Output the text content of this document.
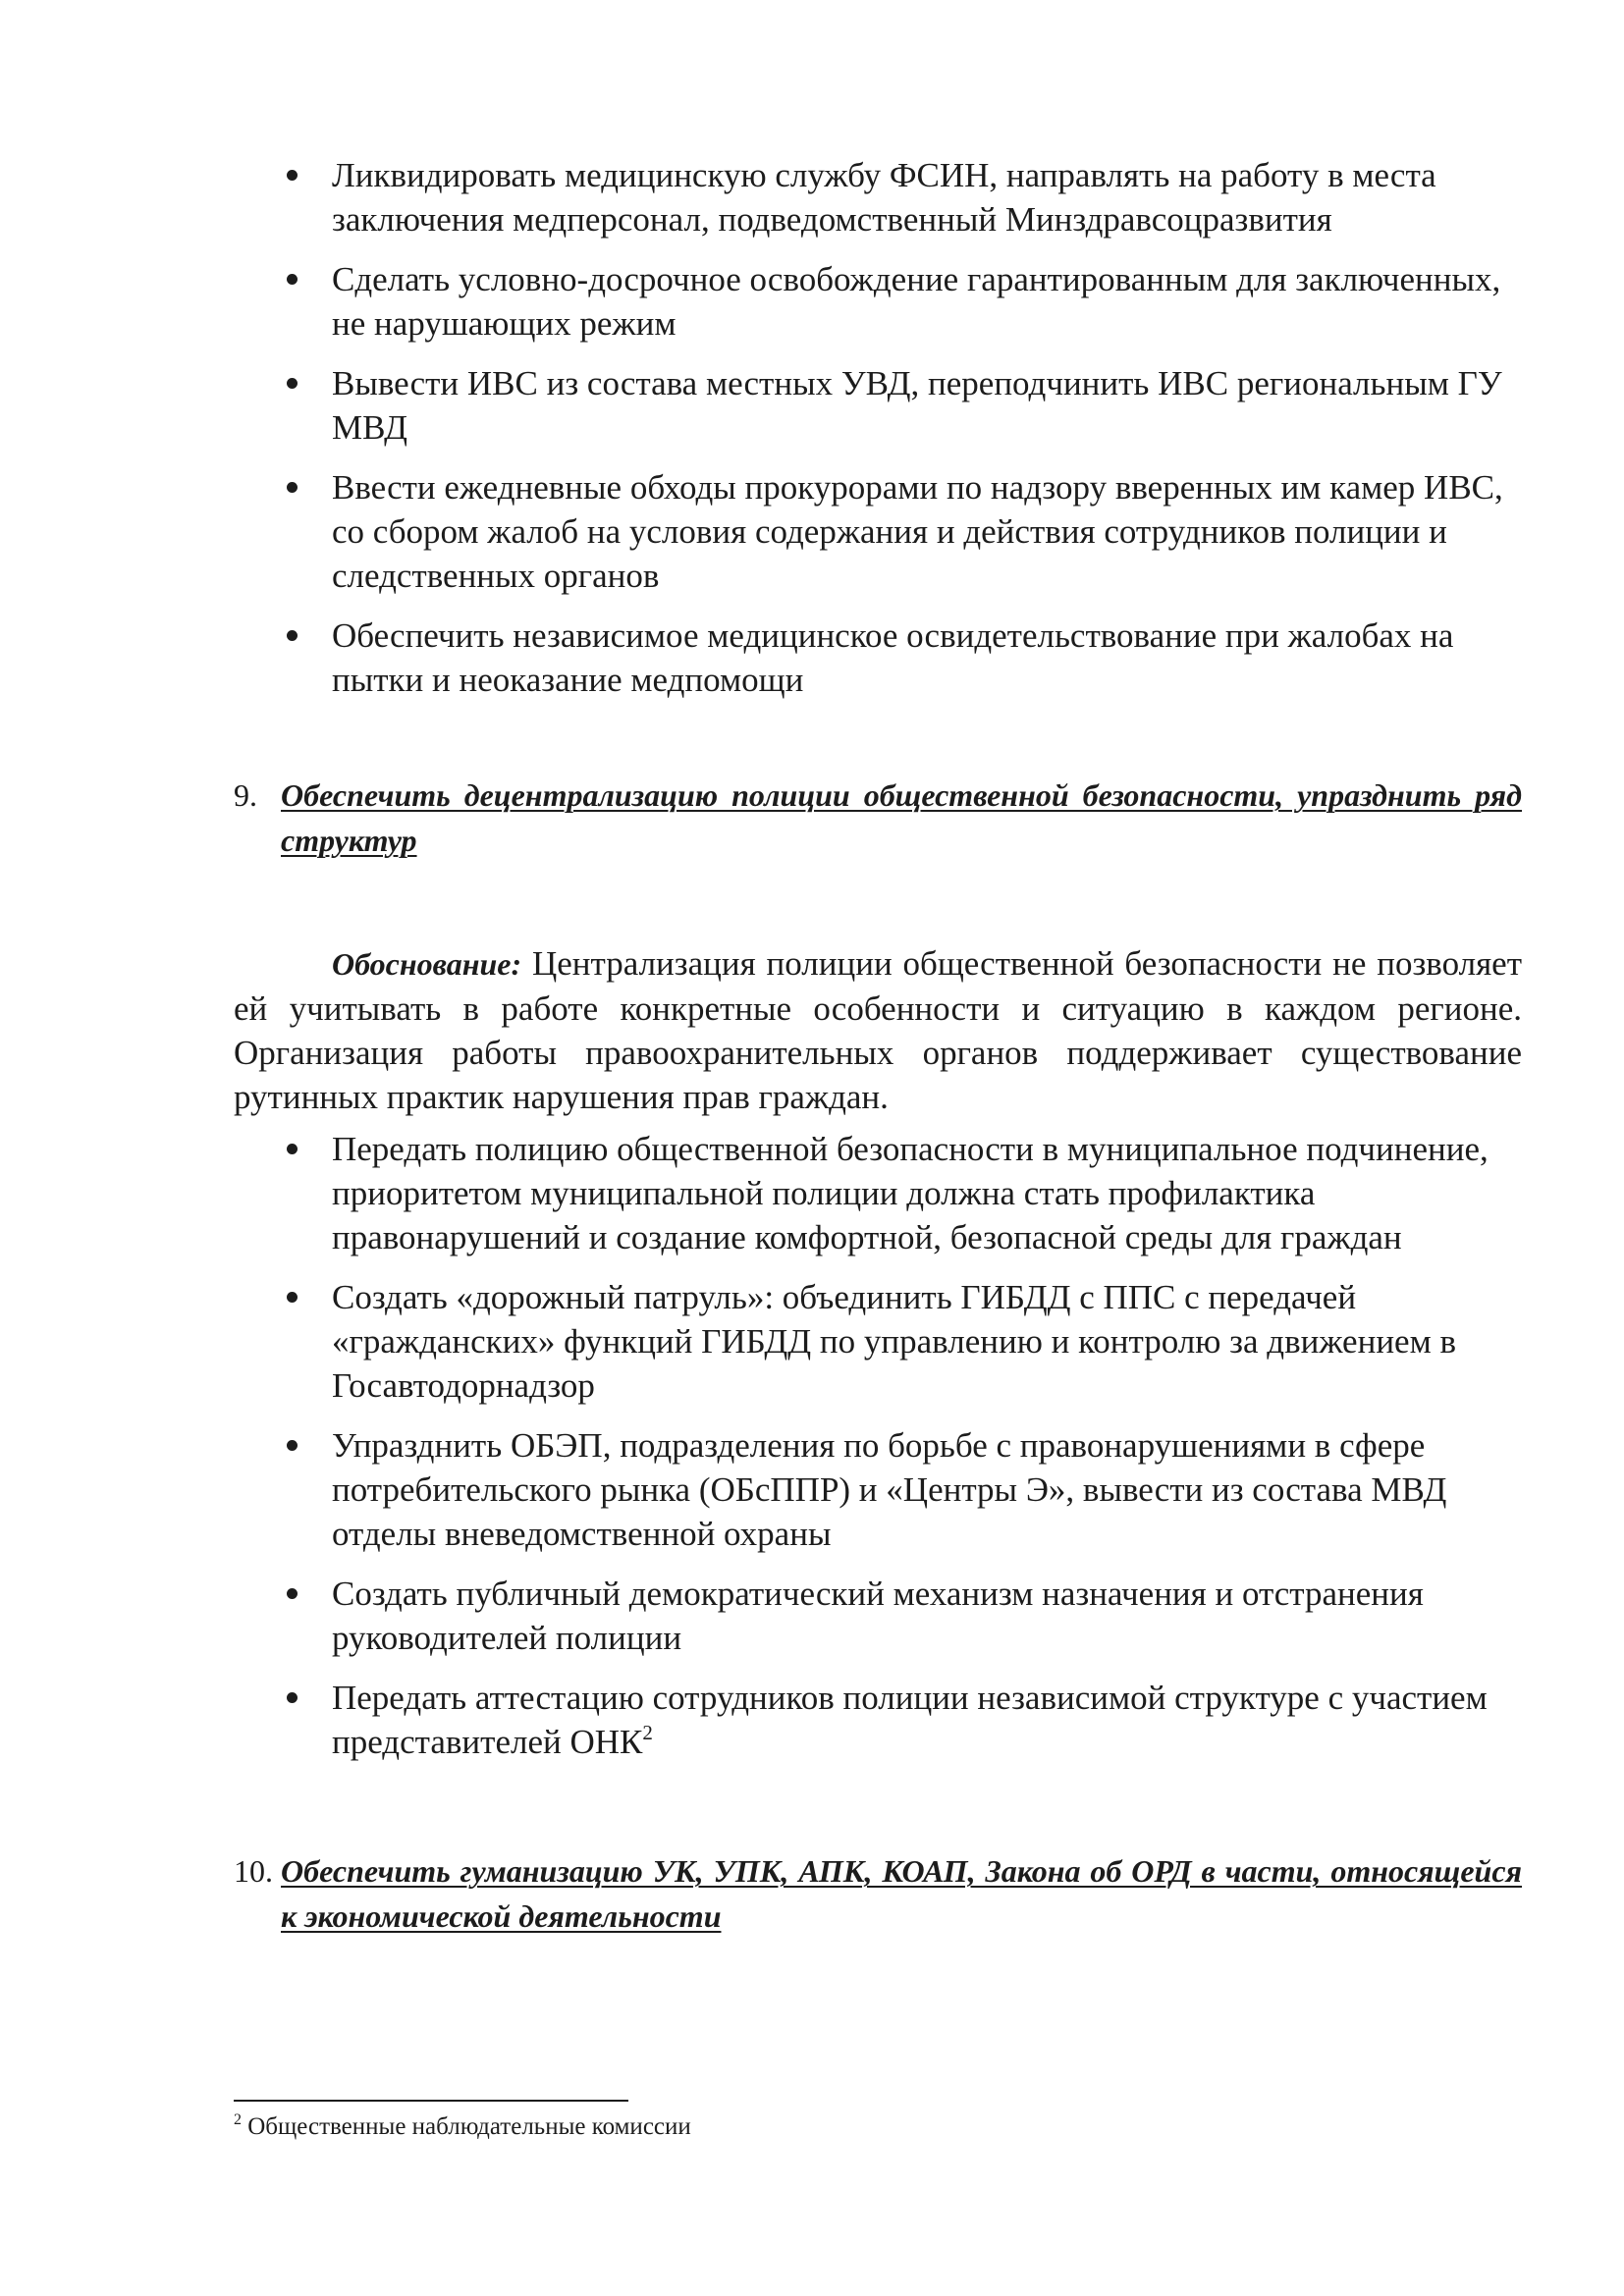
Ликвидировать медицинскую службу ФСИН, направлять на работу в места заключения медперсонал, подведомственный Минздравсоцразвития
Сделать условно-досрочное освобождение гарантированным для заключенных, не нарушающих режим
Вывести ИВС из состава местных УВД, переподчинить ИВС региональным ГУ МВД
Ввести ежедневные обходы прокурорами по надзору вверенных им камер ИВС, со сбором жалоб на условия содержания и действия сотрудников полиции и следственных органов
Обеспечить независимое медицинское освидетельствование при жалобах на пытки и неоказание медпомощи
9. Обеспечить децентрализацию полиции общественной безопасности, упразднить ряд структур

Обоснование: Централизация полиции общественной безопасности не позволяет ей учитывать в работе конкретные особенности и ситуацию в каждом регионе. Организация работы правоохранительных органов поддерживает существование рутинных практик нарушения прав граждан.

Передать полицию общественной безопасности в муниципальное подчинение, приоритетом муниципальной полиции должна стать профилактика правонарушений и создание комфортной, безопасной среды для граждан
Создать «дорожный патруль»: объединить ГИБДД с ППС с передачей «гражданских» функций ГИБДД по управлению и контролю за движением в Госавтодорнадзор
Упразднить ОБЭП, подразделения по борьбе с правонарушениями в сфере потребительского рынка (ОБсППР) и «Центры Э», вывести из состава МВД отделы вневедомственной охраны
Создать публичный демократический механизм назначения и отстранения руководителей полиции
Передать аттестацию сотрудников полиции независимой структуре с участием представителей ОНК$^2$
10. Обеспечить гуманизацию УК, УПК, АПК, КОАП, Закона об ОРД в части, относящейся к экономической деятельности
$^2$ Общественные наблюдательные комиссии
